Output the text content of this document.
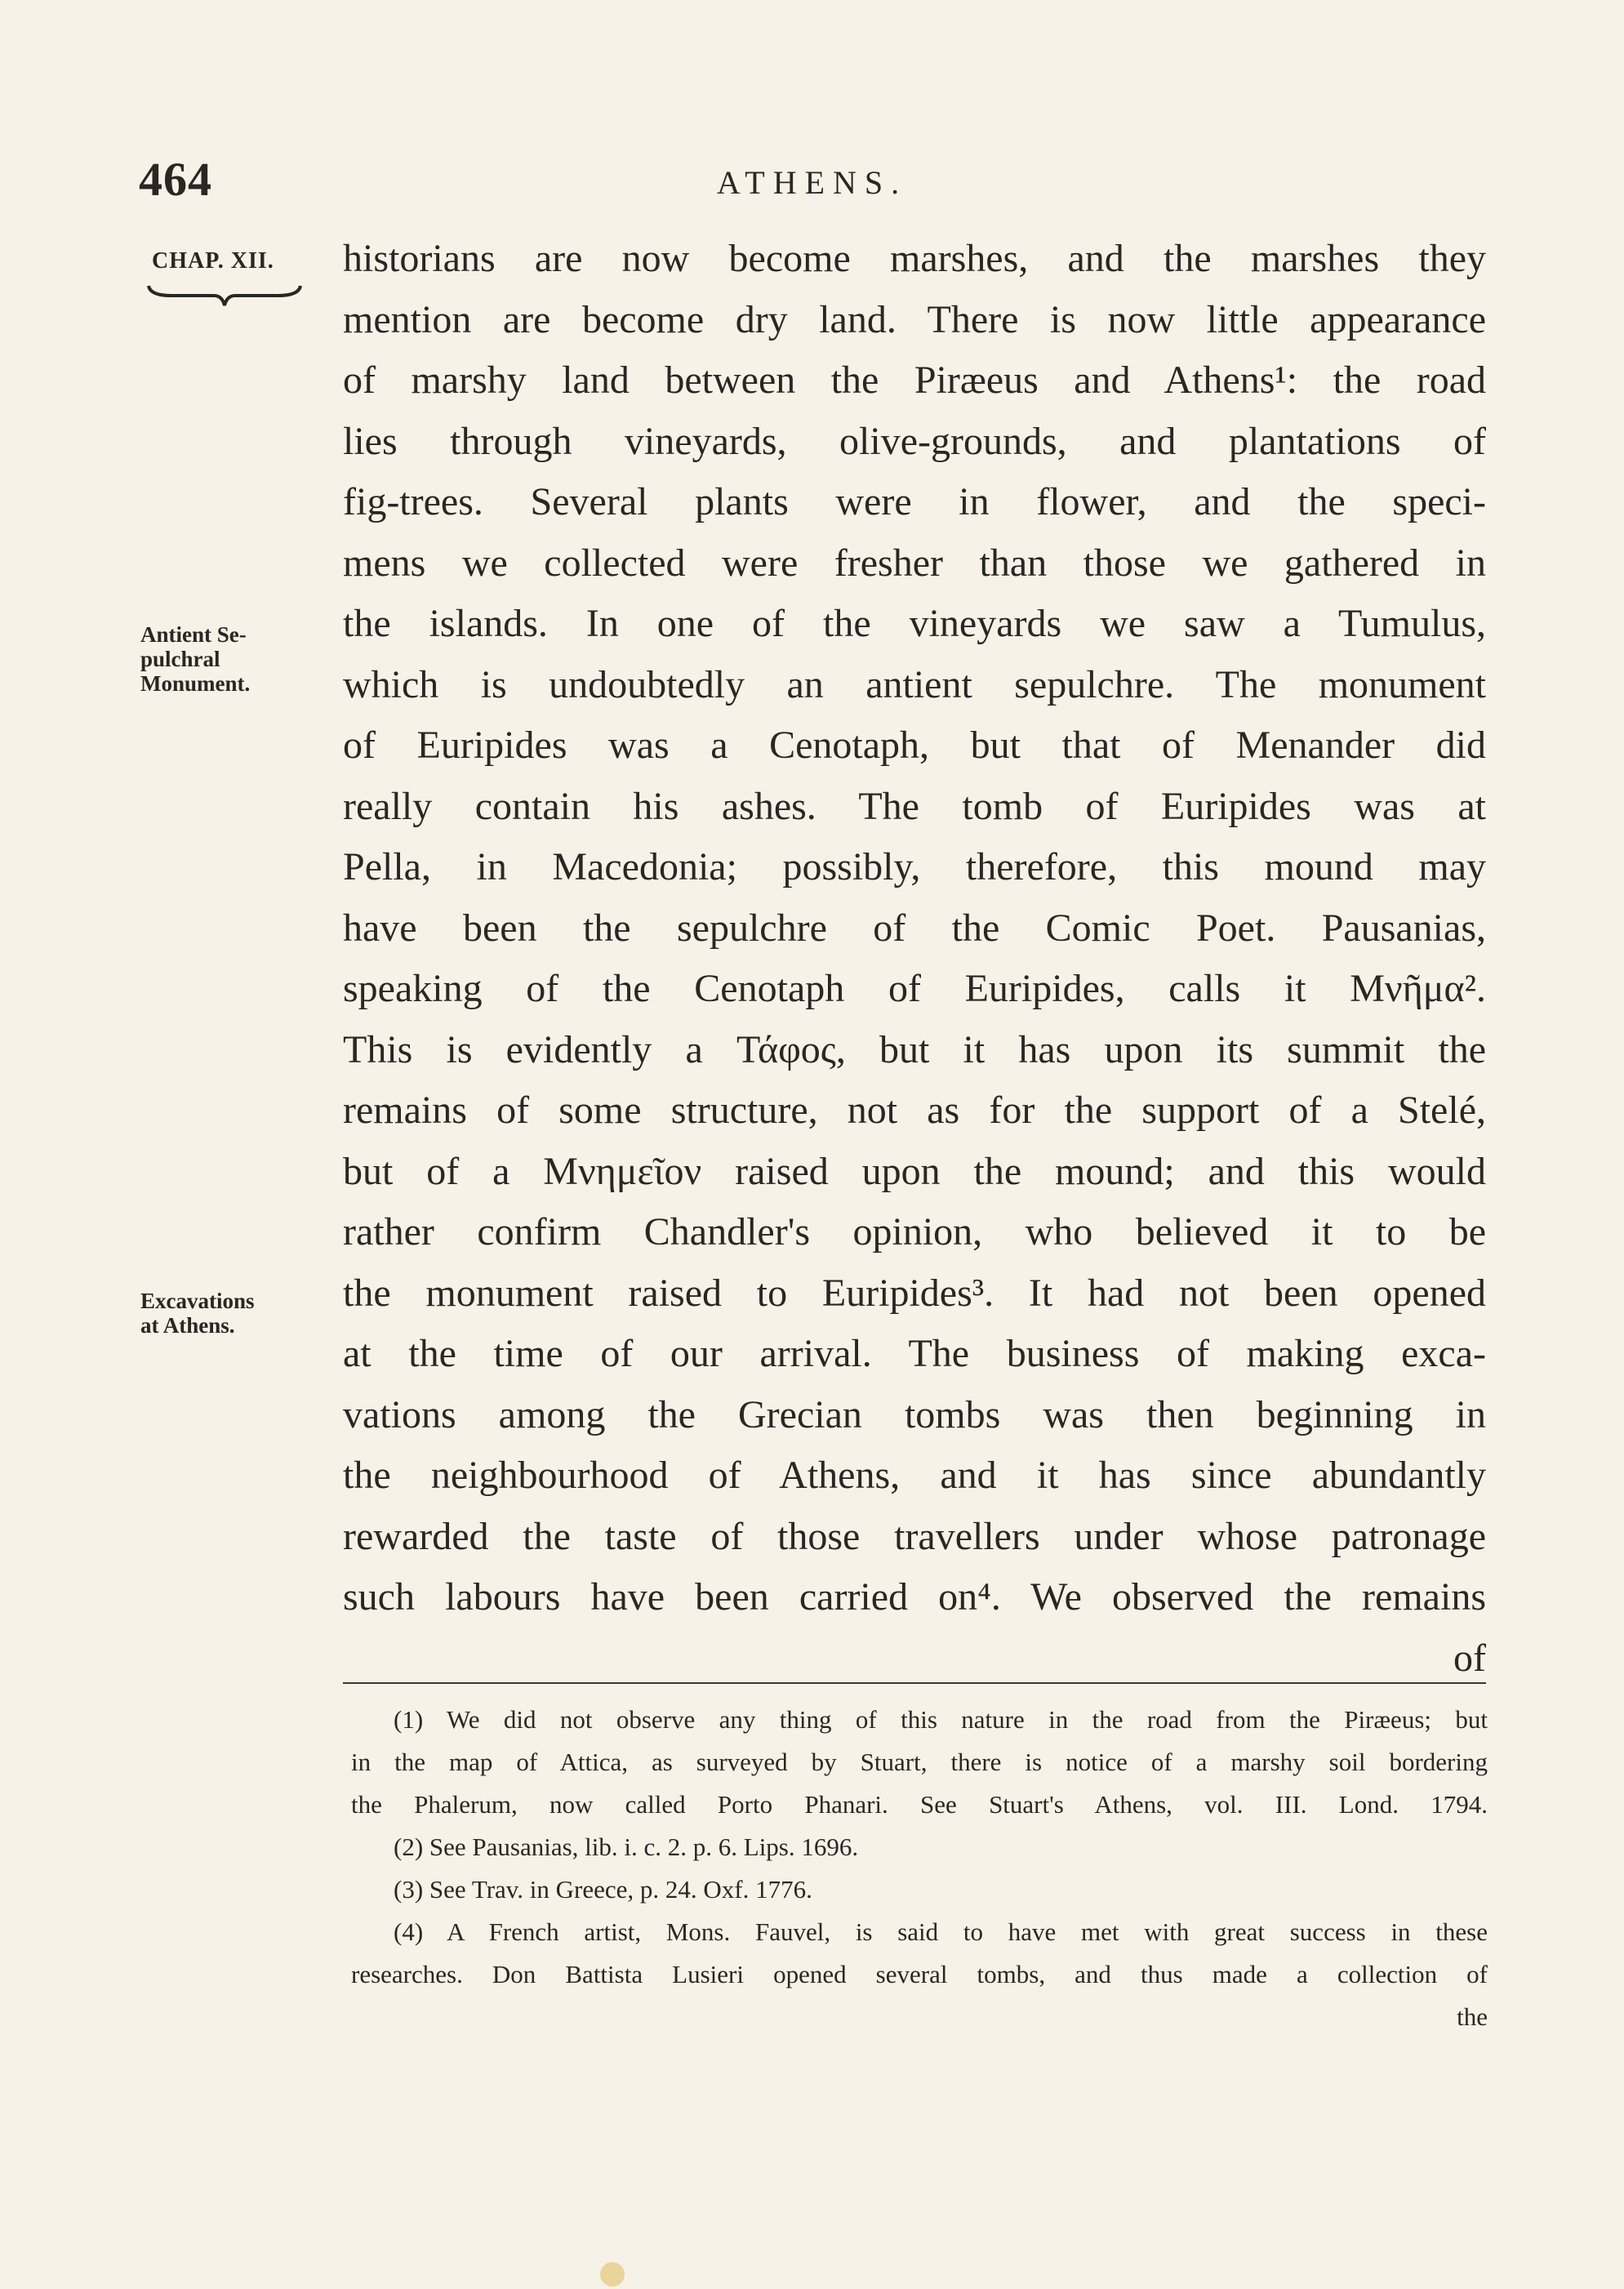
464	ATHENS.
CHAP. XII.
Antient Se-
pulchral
Monument.
Excavations
at Athens.
historians are now become marshes, and the marshes they
mention are become dry land. There is now little appearance
of marshy land between the Piræeus and Athens¹: the road
lies through vineyards, olive-grounds, and plantations of
fig-trees. Several plants were in flower, and the speci-
mens we collected were fresher than those we gathered in
the islands. In one of the vineyards we saw a Tumulus,
which is undoubtedly an antient sepulchre. The monument
of Euripides was a Cenotaph, but that of Menander did
really contain his ashes. The tomb of Euripides was at
Pella, in Macedonia; possibly, therefore, this mound may
have been the sepulchre of the Comic Poet. Pausanias,
speaking of the Cenotaph of Euripides, calls it Μνῆμα².
This is evidently a Τάφος, but it has upon its summit the
remains of some structure, not as for the support of a Stelé,
but of a Μνημεῖον raised upon the mound; and this would
rather confirm Chandler's opinion, who believed it to be
the monument raised to Euripides³. It had not been opened
at the time of our arrival. The business of making exca-
vations among the Grecian tombs was then beginning in
the neighbourhood of Athens, and it has since abundantly
rewarded the taste of those travellers under whose patronage
such labours have been carried on⁴. We observed the remains
of
(1) We did not observe any thing of this nature in the road from the Piræeus; but
in the map of Attica, as surveyed by Stuart, there is notice of a marshy soil bordering
the Phalerum, now called Porto Phanari. See Stuart's Athens, vol. III. Lond. 1794.
(2) See Pausanias, lib. i. c. 2. p. 6. Lips. 1696.
(3) See Trav. in Greece, p. 24. Oxf. 1776.
(4) A French artist, Mons. Fauvel, is said to have met with great success in these
researches. Don Battista Lusieri opened several tombs, and thus made a collection of
the
